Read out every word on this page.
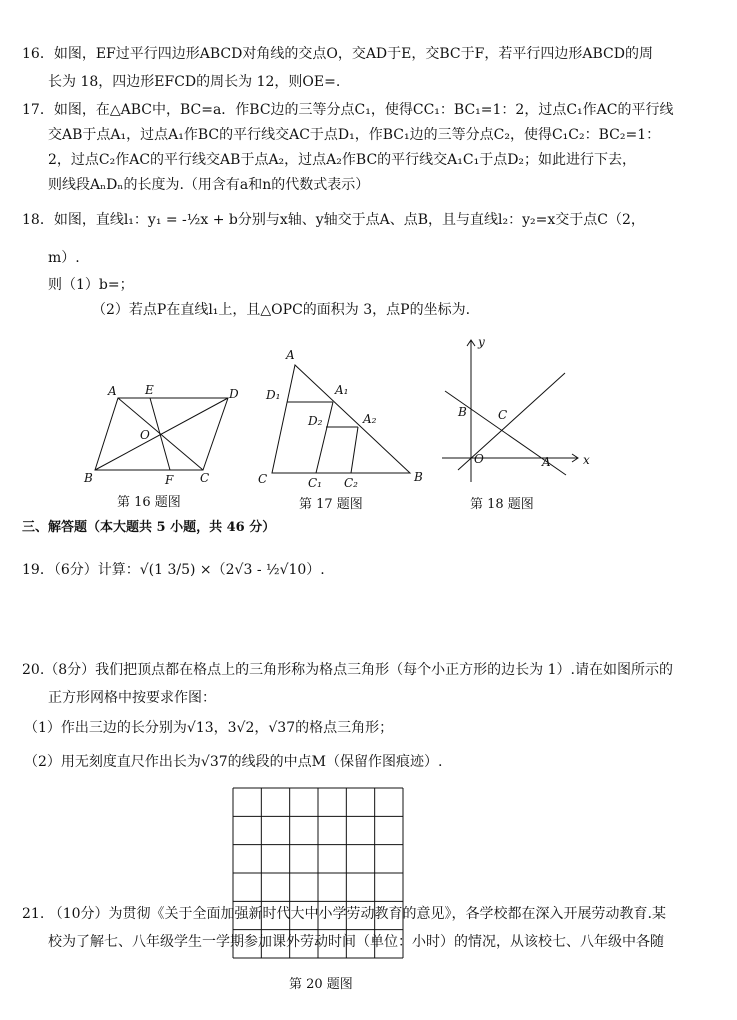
16．如图，EF过平行四边形ABCD对角线的交点O，交AD于E，交BC于F，若平行四边形ABCD的周
长为 18，四边形EFCD的周长为 12，则OE=.
17．如图，在△ABC中，BC=a．作BC边的三等分点C₁，使得CC₁：BC₁=1：2，过点C₁作AC的平行线
交AB于点A₁，过点A₁作BC的平行线交AC于点D₁，作BC₁边的三等分点C₂，使得C₁C₂：BC₂=1：
2，过点C₂作AC的平行线交AB于点A₂，过点A₂作BC的平行线交A₁C₁于点D₂；如此进行下去，
则线段AₙDₙ的长度为.（用含有a和n的代数式表示）
18．如图，直线l₁：y₁ = -½x + b分别与x轴、y轴交于点A、点B，且与直线l₂：y₂=x交于点C（2，
m）.
则（1）b=；
（2）若点P在直线l₁上，且△OPC的面积为 3，点P的坐标为.
A E	D
O
B	F C
第 16 题图
A
D₁	A₁
D₂	A₂
C	C₁ C₂	B
第 17 题图
y
B	C
O	A	x
第 18 题图
三、解答题（本大题共 5 小题，共 46 分）
19．（6分）计算：√(1 3/5) ×（2√3 - ½√10）.
20.（8分）我们把顶点都在格点上的三角形称为格点三角形（每个小正方形的边长为 1）.请在如图所示的
正方形网格中按要求作图：
（1）作出三边的长分别为√13，3√2，√37的格点三角形；
（2）用无刻度直尺作出长为√37的线段的中点M（保留作图痕迹）.
21. （10分）为贯彻《关于全面加强新时代大中小学劳动教育的意见》，各学校都在深入开展劳动教育.某
校为了解七、八年级学生一学期参加课外劳动时间（单位：小时）的情况，从该校七、八年级中各随
第 20 题图
